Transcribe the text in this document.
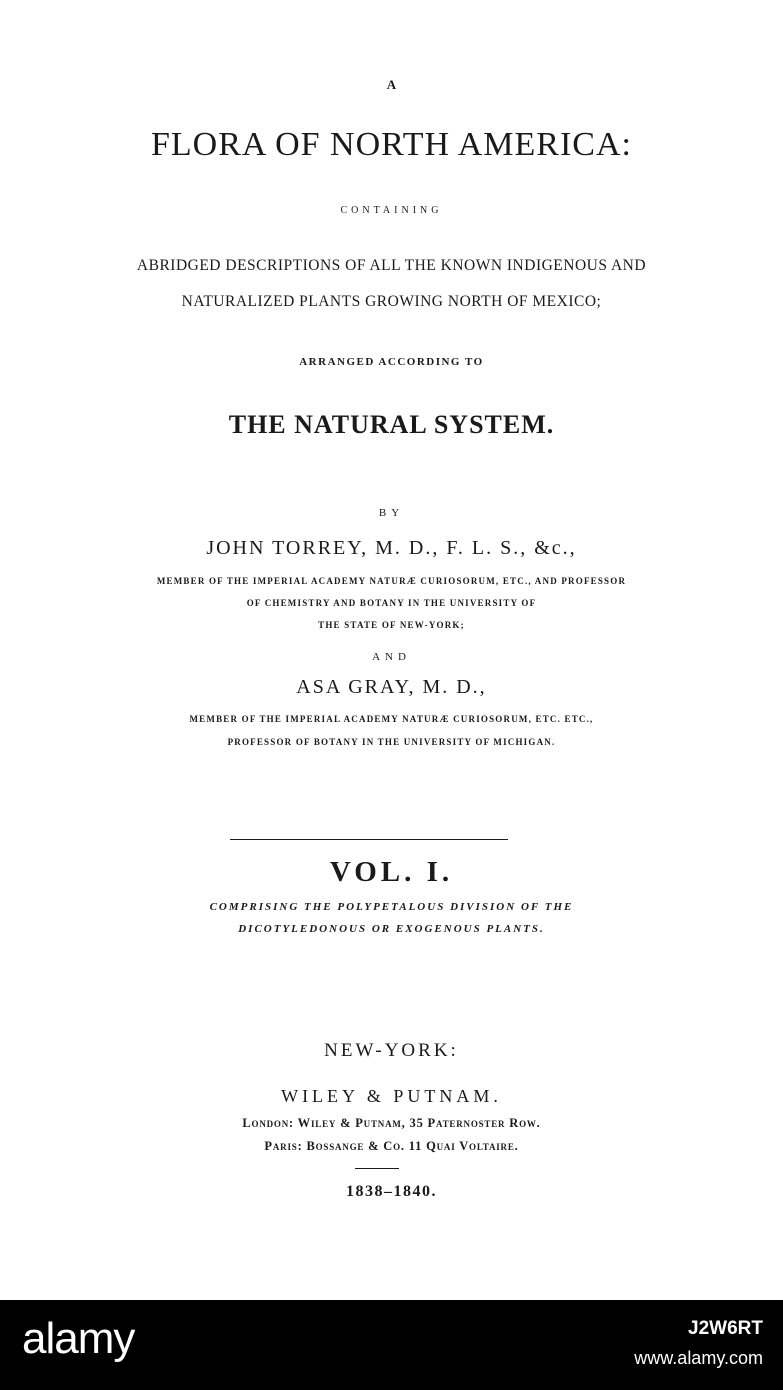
A
FLORA OF NORTH AMERICA:
CONTAINING
ABRIDGED DESCRIPTIONS OF ALL THE KNOWN INDIGENOUS AND
NATURALIZED PLANTS GROWING NORTH OF MEXICO;
ARRANGED ACCORDING TO
THE NATURAL SYSTEM.
BY
JOHN TORREY, M. D., F. L. S., &c.,
MEMBER OF THE IMPERIAL ACADEMY NATURÆ CURIOSORUM, ETC., AND PROFESSOR
OF CHEMISTRY AND BOTANY IN THE UNIVERSITY OF
THE STATE OF NEW-YORK;
AND
ASA GRAY, M. D.,
MEMBER OF THE IMPERIAL ACADEMY NATURÆ CURIOSORUM, ETC. ETC.,
PROFESSOR OF BOTANY IN THE UNIVERSITY OF MICHIGAN.
VOL. I.
COMPRISING THE POLYPETALOUS DIVISION OF THE
DICOTYLEDONOUS OR EXOGENOUS PLANTS.
NEW-YORK:
WILEY & PUTNAM.
London: Wiley & Putnam, 35 Paternoster Row.
Paris: Bossange & Co. 11 Quai Voltaire.
1838–1840.
alamy	J2W6RT
www.alamy.com
